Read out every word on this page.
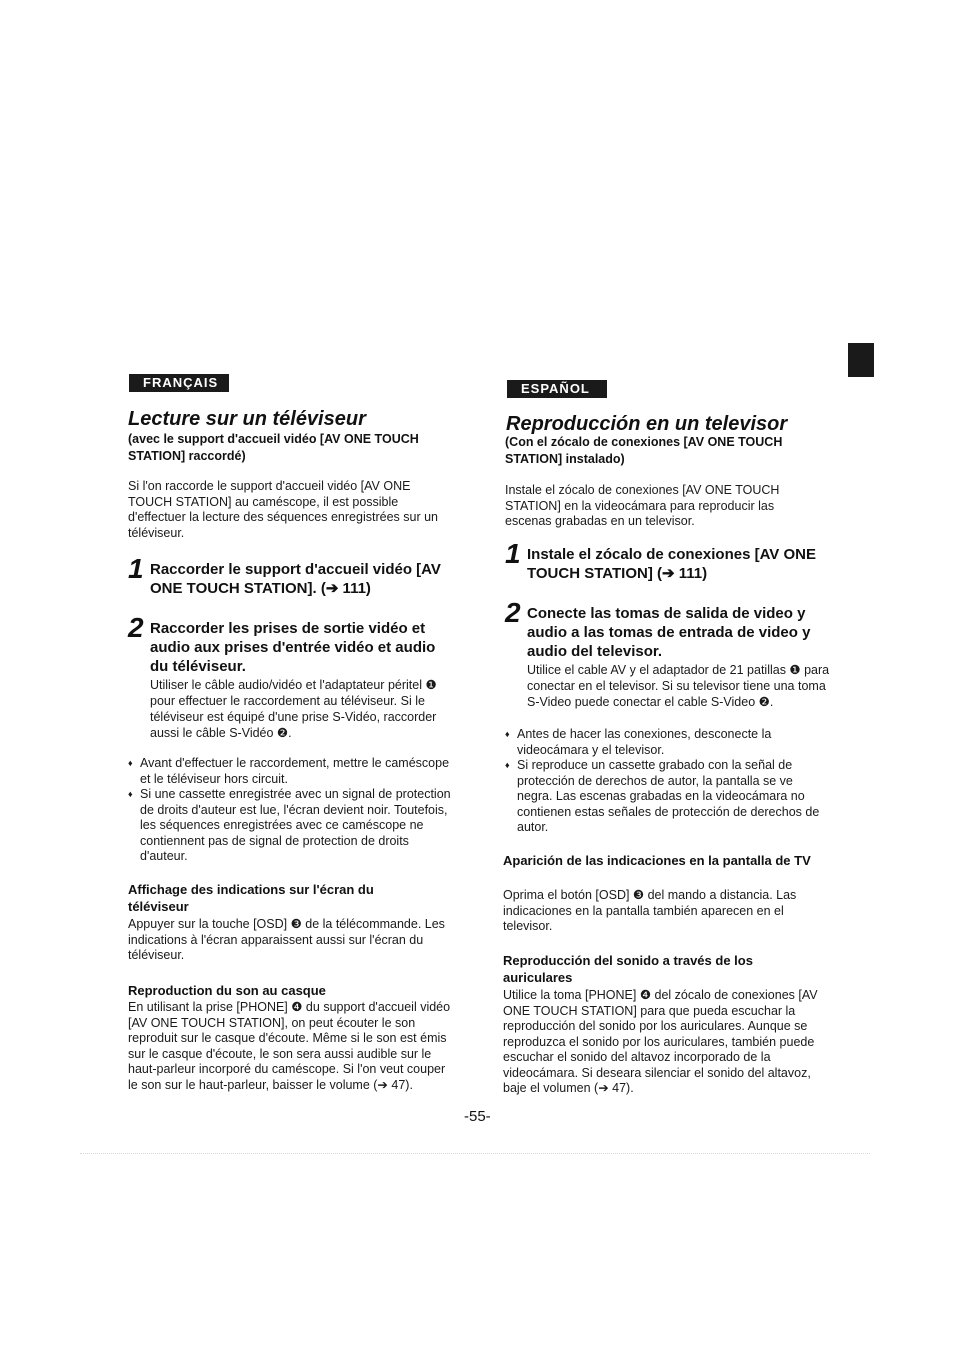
FRANÇAIS
Lecture sur un téléviseur

(avec le support d'accueil vidéo [AV ONE TOUCH STATION] raccordé)

Si l'on raccorde le support d'accueil vidéo [AV ONE TOUCH STATION] au caméscope, il est possible d'effectuer la lecture des séquences enregistrées sur un téléviseur.

1 Raccorder le support d'accueil vidéo [AV ONE TOUCH STATION]. (➔ 111)

2 Raccorder les prises de sortie vidéo et audio aux prises d'entrée vidéo et audio du téléviseur.

Utiliser le câble audio/vidéo et l'adaptateur péritel ❶ pour effectuer le raccordement au téléviseur. Si le téléviseur est équipé d'une prise S-Vidéo, raccorder aussi le câble S-Vidéo ❷.

♦ Avant d'effectuer le raccordement, mettre le caméscope et le téléviseur hors circuit.
♦ Si une cassette enregistrée avec un signal de protection de droits d'auteur est lue, l'écran devient noir. Toutefois, les séquences enregistrées avec ce caméscope ne contiennent pas de signal de protection de droits d'auteur.

Affichage des indications sur l'écran du téléviseur

Appuyer sur la touche [OSD] ❸ de la télécommande. Les indications à l'écran apparaissent aussi sur l'écran du téléviseur.

Reproduction du son au casque

En utilisant la prise [PHONE] ❹ du support d'accueil vidéo [AV ONE TOUCH STATION], on peut écouter le son reproduit sur le casque d'écoute. Même si le son est émis sur le casque d'écoute, le son sera aussi audible sur le haut-parleur incorporé du caméscope. Si l'on veut couper le son sur le haut-parleur, baisser le volume (➔ 47).

ESPAÑOL
Reproducción en un televisor

(Con el zócalo de conexiones [AV ONE TOUCH STATION] instalado)

Instale el zócalo de conexiones [AV ONE TOUCH STATION] en la videocámara para reproducir las escenas grabadas en un televisor.

1 Instale el zócalo de conexiones [AV ONE TOUCH STATION] (➔ 111)

2 Conecte las tomas de salida de video y audio a las tomas de entrada de video y audio del televisor.

Utilice el cable AV y el adaptador de 21 patillas ❶ para conectar en el televisor. Si su televisor tiene una toma S-Video puede conectar el cable S-Video ❷.

♦ Antes de hacer las conexiones, desconecte la videocámara y el televisor.
♦ Si reproduce un cassette grabado con la señal de protección de derechos de autor, la pantalla se ve negra. Las escenas grabadas en la videocámara no contienen estas señales de protección de derechos de autor.

Aparición de las indicaciones en la pantalla de TV

Oprima el botón [OSD] ❸ del mando a distancia. Las indicaciones en la pantalla también aparecen en el televisor.

Reproducción del sonido a través de los auriculares

Utilice la toma [PHONE] ❹ del zócalo de conexiones [AV ONE TOUCH STATION] para que pueda escuchar la reproducción del sonido por los auriculares. Aunque se reproduzca el sonido por los auriculares, también puede escuchar el sonido del altavoz incorporado de la videocámara. Si deseara silenciar el sonido del altavoz, baje el volumen (➔ 47).

-55-
